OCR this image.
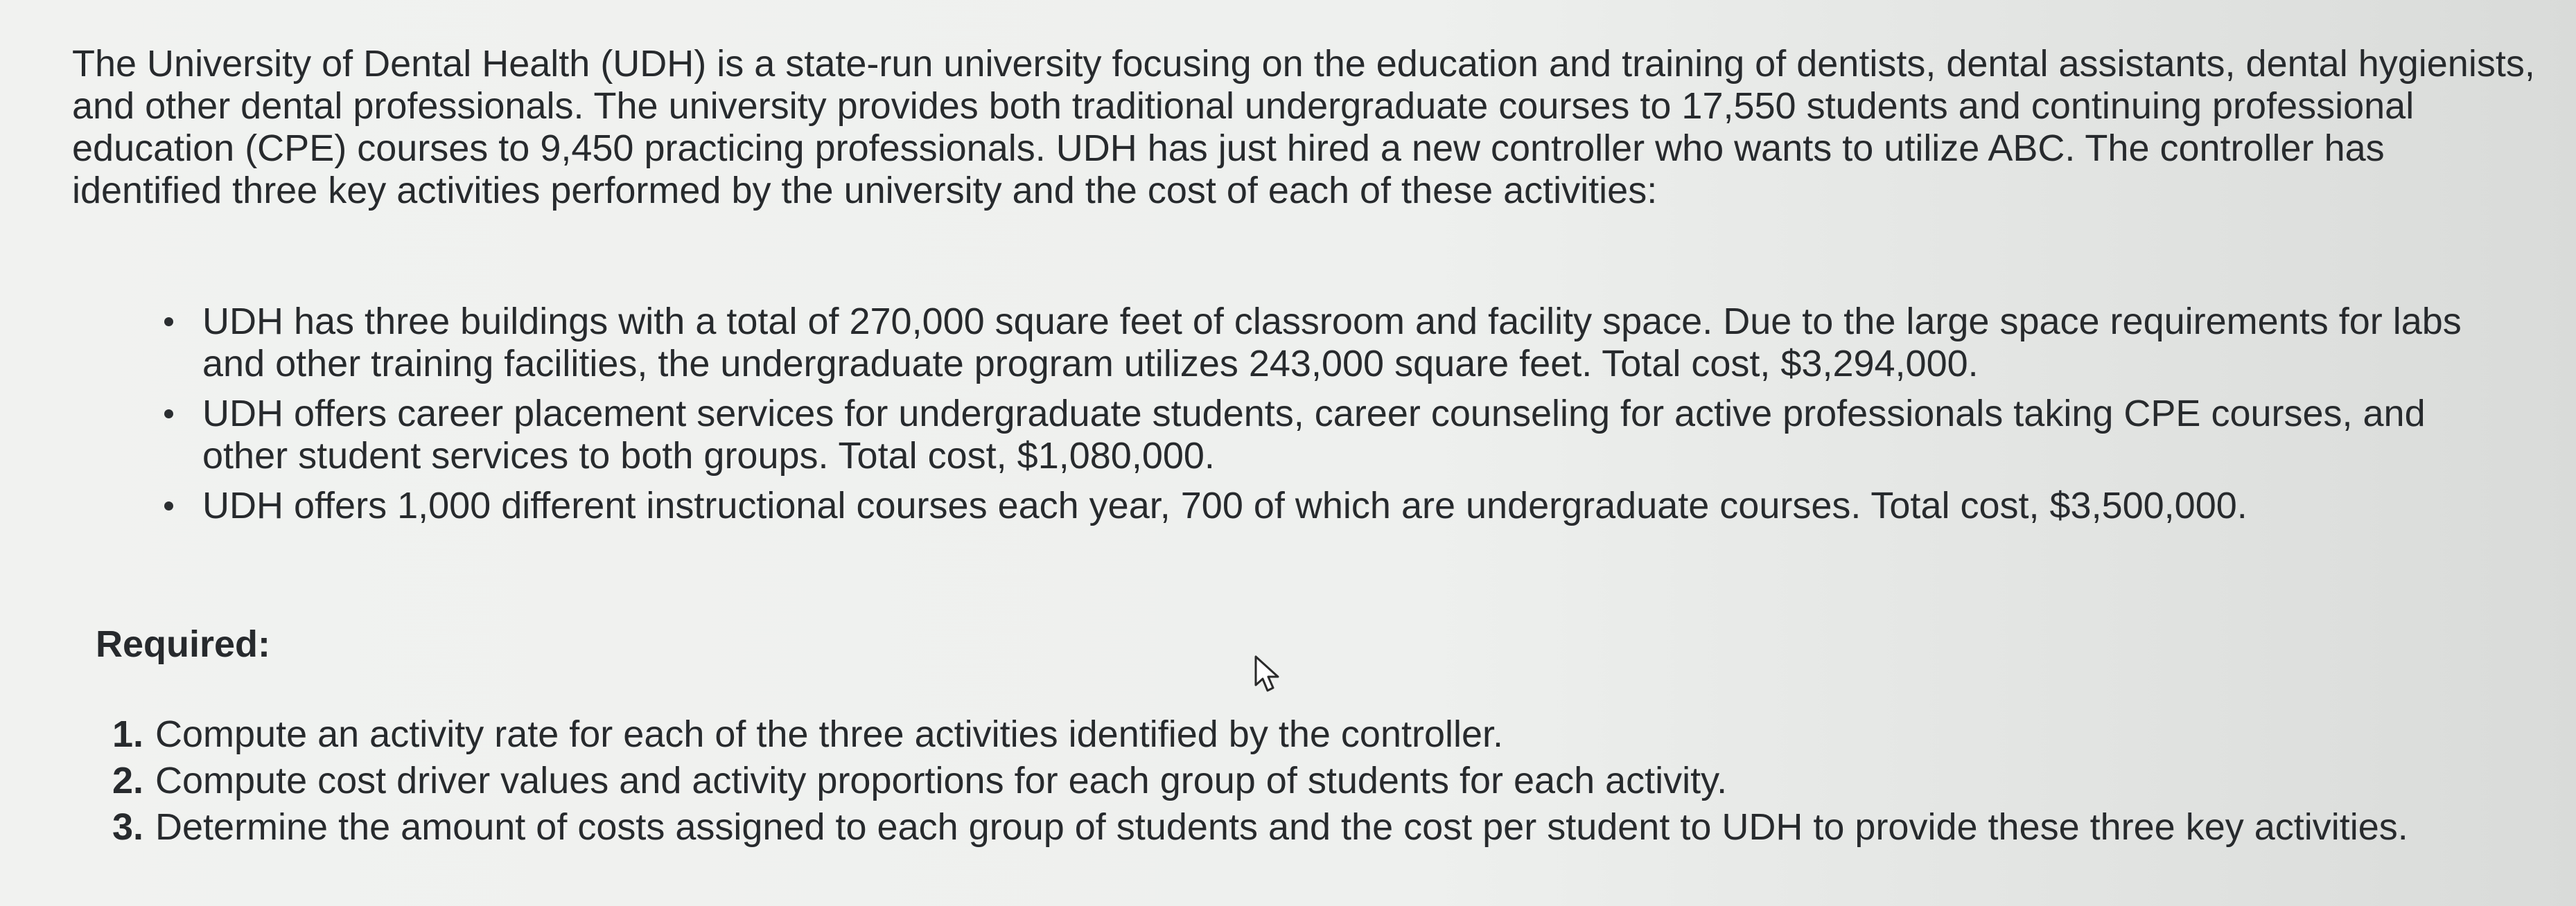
The University of Dental Health (UDH) is a state-run university focusing on the education and training of dentists, dental assistants, dental hygienists, and other dental professionals. The university provides both traditional undergraduate courses to 17,550 students and continuing professional education (CPE) courses to 9,450 practicing professionals. UDH has just hired a new controller who wants to utilize ABC. The controller has identified three key activities performed by the university and the cost of each of these activities:

UDH has three buildings with a total of 270,000 square feet of classroom and facility space. Due to the large space requirements for labs and other training facilities, the undergraduate program utilizes 243,000 square feet. Total cost, $3,294,000.
UDH offers career placement services for undergraduate students, career counseling for active professionals taking CPE courses, and other student services to both groups. Total cost, $1,080,000.
UDH offers 1,000 different instructional courses each year, 700 of which are undergraduate courses. Total cost, $3,500,000.

Required:

1. Compute an activity rate for each of the three activities identified by the controller.
2. Compute cost driver values and activity proportions for each group of students for each activity.
3. Determine the amount of costs assigned to each group of students and the cost per student to UDH to provide these three key activities.
